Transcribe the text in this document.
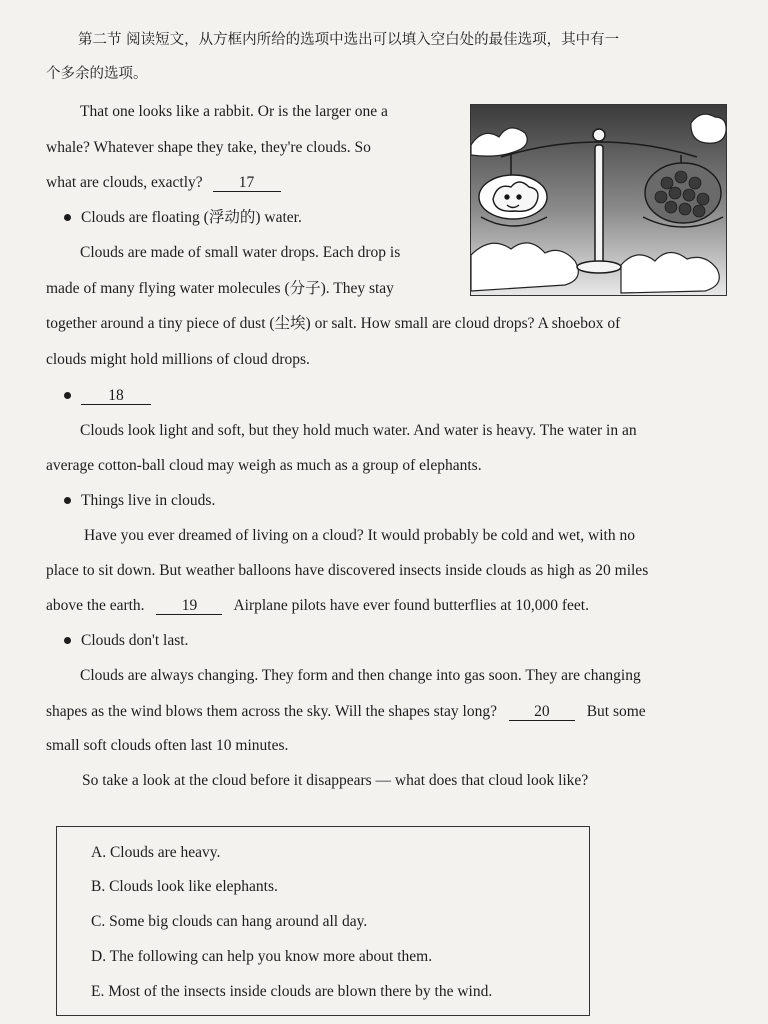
第二节 阅读短文，从方框内所给的选项中选出可以填入空白处的最佳选项，其中有一
个多余的选项。
That one looks like a rabbit. Or is the larger one a
whale? Whatever shape they take, they're clouds. So
what are clouds, exactly? 17
Clouds are floating (浮动的) water.
Clouds are made of small water drops. Each drop is
made of many flying water molecules (分子). They stay
together around a tiny piece of dust (尘埃) or salt. How small are cloud drops? A shoebox of
clouds might hold millions of cloud drops.
18
Clouds look light and soft, but they hold much water. And water is heavy. The water in an
average cotton-ball cloud may weigh as much as a group of elephants.
Things live in clouds.
Have you ever dreamed of living on a cloud? It would probably be cold and wet, with no
place to sit down. But weather balloons have discovered insects inside clouds as high as 20 miles
above the earth. 19 Airplane pilots have ever found butterflies at 10,000 feet.
Clouds don't last.
Clouds are always changing. They form and then change into gas soon. They are changing
shapes as the wind blows them across the sky. Will the shapes stay long? 20 But some
small soft clouds often last 10 minutes.
So take a look at the cloud before it disappears — what does that cloud look like?
A. Clouds are heavy.
B. Clouds look like elephants.
C. Some big clouds can hang around all day.
D. The following can help you know more about them.
E. Most of the insects inside clouds are blown there by the wind.
